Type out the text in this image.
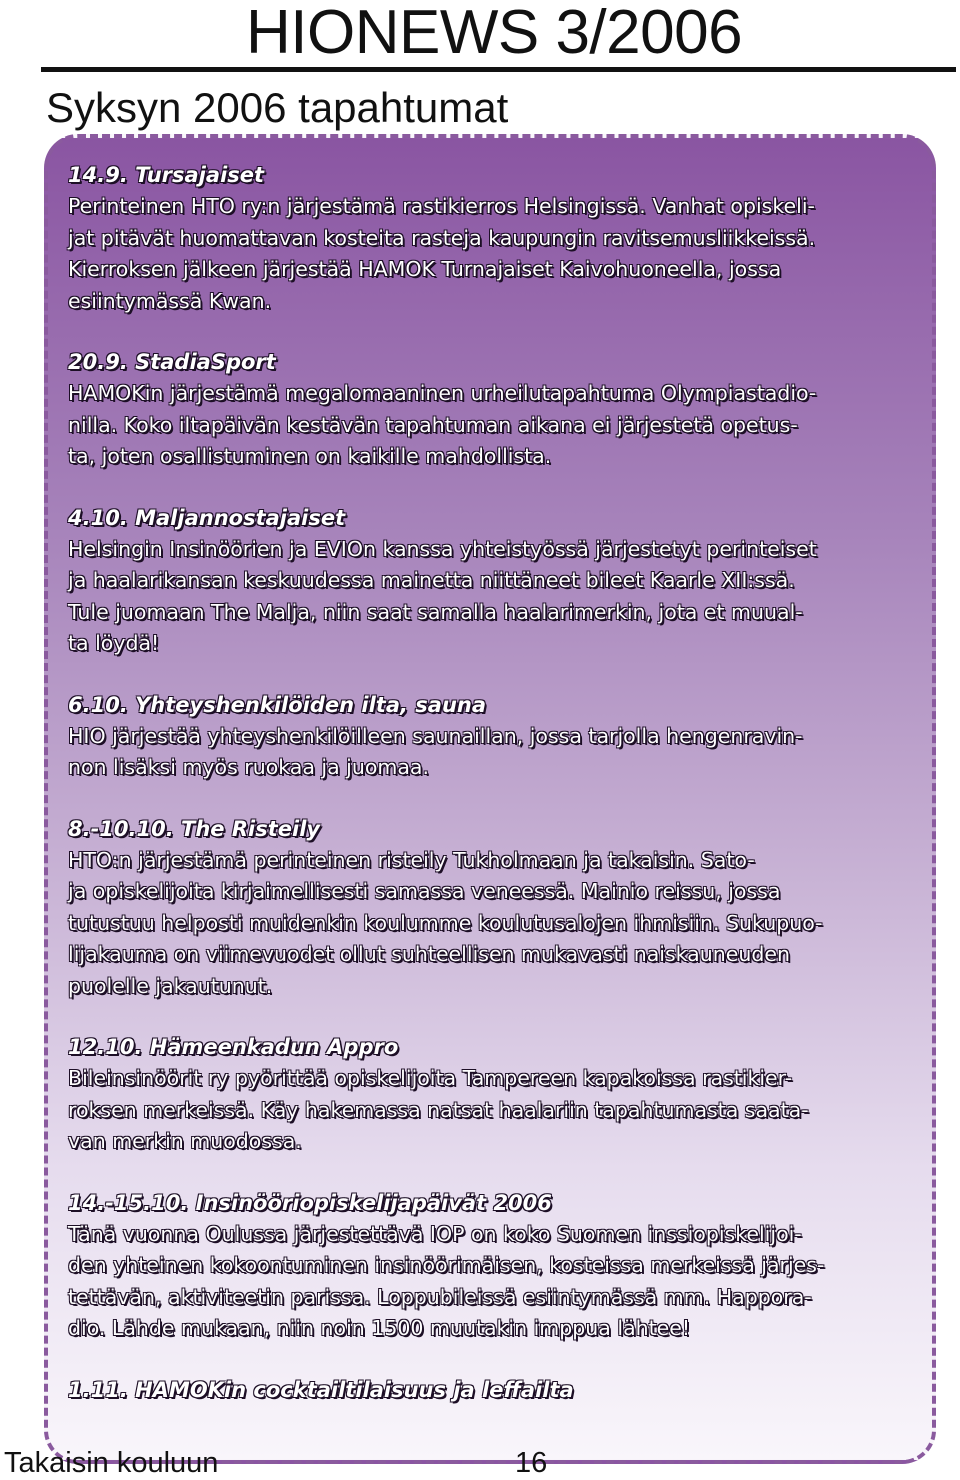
HIONEWS 3/2006
Syksyn 2006 tapahtumat
14.9. Tursajaiset
Perinteinen HTO ry:n järjestämä rastikierros Helsingissä. Vanhat opiskeli-
jat pitävät huomattavan kosteita rasteja kaupungin ravitsemusliikkeissä.
Kierroksen jälkeen järjestää HAMOK Turnajaiset Kaivohuoneella, jossa
esiintymässä Kwan.
20.9. StadiaSport
HAMOKin järjestämä megalomaaninen urheilutapahtuma Olympiastadio-
nilla. Koko iltapäivän kestävän tapahtuman aikana ei järjestetä opetus-
ta, joten osallistuminen on kaikille mahdollista.
4.10. Maljannostajaiset
Helsingin Insinöörien ja EVIOn kanssa yhteistyössä järjestetyt perinteiset
ja haalarikansan keskuudessa mainetta niittäneet bileet Kaarle XII:ssä.
Tule juomaan The Malja, niin saat samalla haalarimerkin, jota et muual-
ta löydä!
6.10. Yhteyshenkilöiden ilta, sauna
HIO järjestää yhteyshenkilöilleen saunaillan, jossa tarjolla hengenravin-
non lisäksi myös ruokaa ja juomaa.
8.-10.10. The Risteily
HTO:n järjestämä perinteinen risteily Tukholmaan ja takaisin. Sato-
ja opiskelijoita kirjaimellisesti samassa veneessä. Mainio reissu, jossa
tutustuu helposti muidenkin koulumme koulutusalojen ihmisiin. Sukupuo-
lijakauma on viimevuodet ollut suhteellisen mukavasti naiskauneuden
puolelle jakautunut.
12.10. Hämeenkadun Appro
Bileinsinöörit ry pyörittää opiskelijoita Tampereen kapakoissa rastikier-
roksen merkeissä. Käy hakemassa natsat haalariin tapahtumasta saata-
van merkin muodossa.
14.-15.10. Insinööriopiskelijapäivät 2006
Tänä vuonna Oulussa järjestettävä IOP on koko Suomen inssiopiskelijoi-
den yhteinen kokoontuminen insinöörimäisen, kosteissa merkeissä järjes-
tettävän, aktiviteetin parissa. Loppubileissä esiintymässä mm. Happora-
dio. Lähde mukaan, niin noin 1500 muutakin imppua lähtee!
1.11. HAMOKin cocktailtilaisuus ja leffailta
Takaisin kouluun	16
